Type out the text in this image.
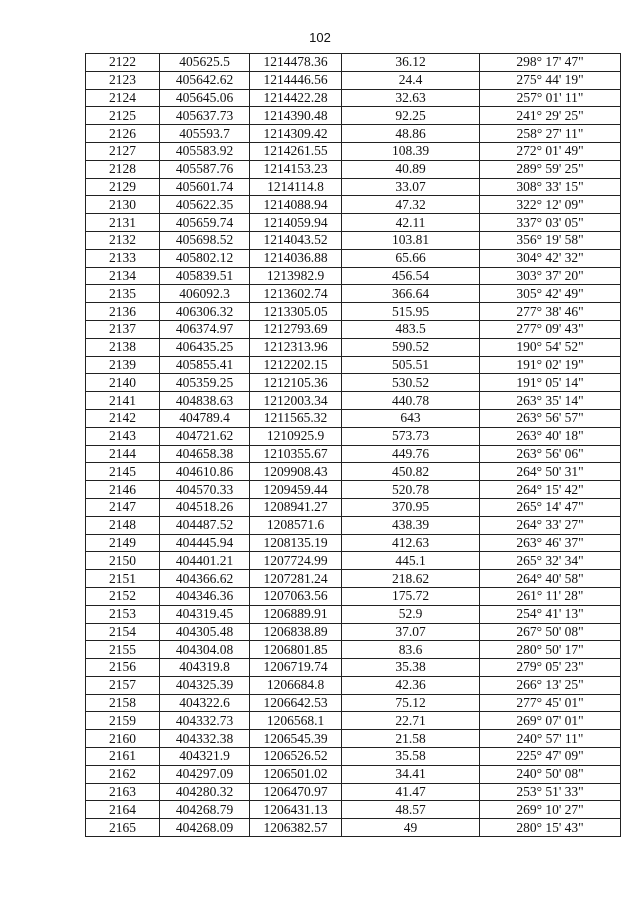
102
2122	405625.5	1214478.36	36.12	298° 17' 47"
2123	405642.62	1214446.56	24.4	275° 44' 19"
2124	405645.06	1214422.28	32.63	257° 01' 11"
2125	405637.73	1214390.48	92.25	241° 29' 25"
2126	405593.7	1214309.42	48.86	258° 27' 11"
2127	405583.92	1214261.55	108.39	272° 01' 49"
2128	405587.76	1214153.23	40.89	289° 59' 25"
2129	405601.74	1214114.8	33.07	308° 33' 15"
2130	405622.35	1214088.94	47.32	322° 12' 09"
2131	405659.74	1214059.94	42.11	337° 03' 05"
2132	405698.52	1214043.52	103.81	356° 19' 58"
2133	405802.12	1214036.88	65.66	304° 42' 32"
2134	405839.51	1213982.9	456.54	303° 37' 20"
2135	406092.3	1213602.74	366.64	305° 42' 49"
2136	406306.32	1213305.05	515.95	277° 38' 46"
2137	406374.97	1212793.69	483.5	277° 09' 43"
2138	406435.25	1212313.96	590.52	190° 54' 52"
2139	405855.41	1212202.15	505.51	191° 02' 19"
2140	405359.25	1212105.36	530.52	191° 05' 14"
2141	404838.63	1212003.34	440.78	263° 35' 14"
2142	404789.4	1211565.32	643	263° 56' 57"
2143	404721.62	1210925.9	573.73	263° 40' 18"
2144	404658.38	1210355.67	449.76	263° 56' 06"
2145	404610.86	1209908.43	450.82	264° 50' 31"
2146	404570.33	1209459.44	520.78	264° 15' 42"
2147	404518.26	1208941.27	370.95	265° 14' 47"
2148	404487.52	1208571.6	438.39	264° 33' 27"
2149	404445.94	1208135.19	412.63	263° 46' 37"
2150	404401.21	1207724.99	445.1	265° 32' 34"
2151	404366.62	1207281.24	218.62	264° 40' 58"
2152	404346.36	1207063.56	175.72	261° 11' 28"
2153	404319.45	1206889.91	52.9	254° 41' 13"
2154	404305.48	1206838.89	37.07	267° 50' 08"
2155	404304.08	1206801.85	83.6	280° 50' 17"
2156	404319.8	1206719.74	35.38	279° 05' 23"
2157	404325.39	1206684.8	42.36	266° 13' 25"
2158	404322.6	1206642.53	75.12	277° 45' 01"
2159	404332.73	1206568.1	22.71	269° 07' 01"
2160	404332.38	1206545.39	21.58	240° 57' 11"
2161	404321.9	1206526.52	35.58	225° 47' 09"
2162	404297.09	1206501.02	34.41	240° 50' 08"
2163	404280.32	1206470.97	41.47	253° 51' 33"
2164	404268.79	1206431.13	48.57	269° 10' 27"
2165	404268.09	1206382.57	49	280° 15' 43"
